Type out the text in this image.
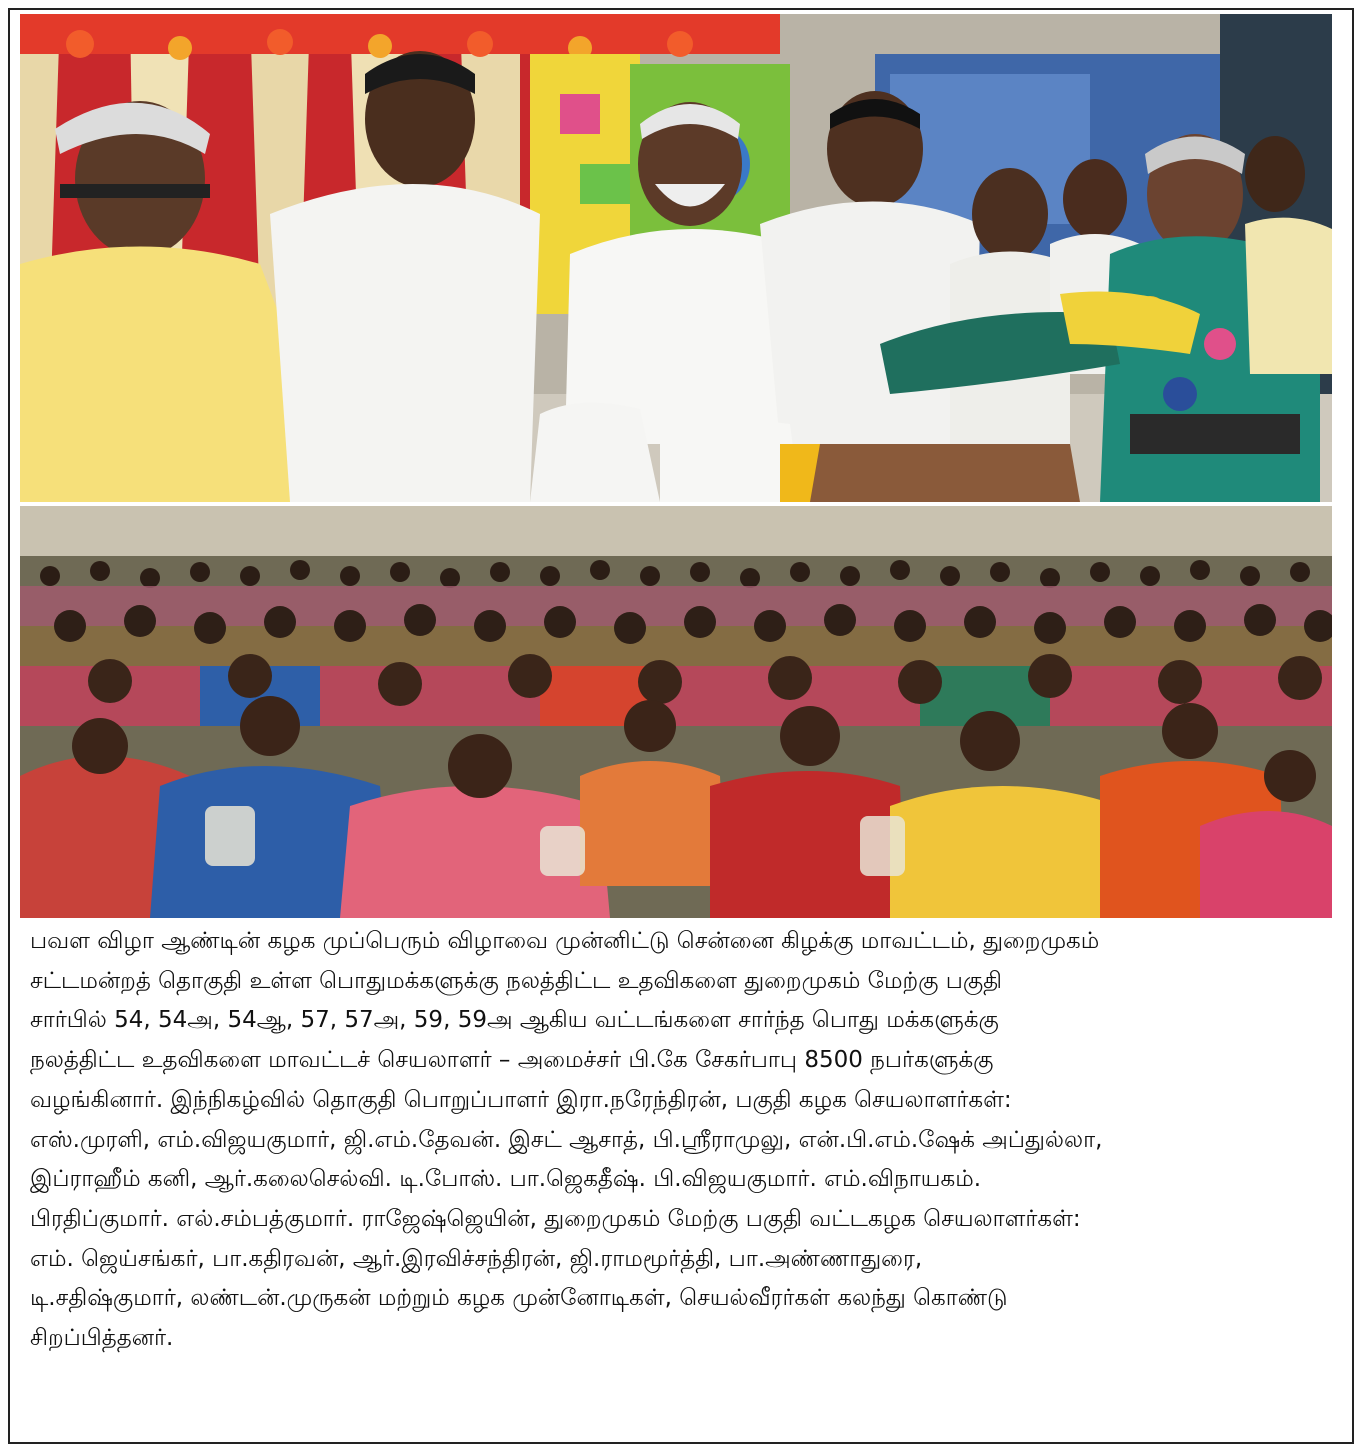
பவள விழா ஆண்டின் கழக முப்பெரும் விழாவை முன்னிட்டு சென்னை கிழக்கு மாவட்டம், துறைமுகம்
சட்டமன்றத் தொகுதி உள்ள பொதுமக்களுக்கு நலத்திட்ட உதவிகளை துறைமுகம் மேற்கு பகுதி
சார்பில் 54, 54அ, 54ஆ, 57, 57அ, 59, 59அ ஆகிய வட்டங்களை சார்ந்த பொது மக்களுக்கு
நலத்திட்ட உதவிகளை மாவட்டச் செயலாளர் – அமைச்சர் பி.கே சேகர்பாபு 8500 நபர்களுக்கு
வழங்கினார். இந்நிகழ்வில் தொகுதி பொறுப்பாளர் இரா.நரேந்திரன், பகுதி கழக செயலாளர்கள்:
எஸ்.முரளி, எம்.விஜயகுமார், ஜி.எம்.தேவன். இசட் ஆசாத், பி.ஸ்ரீராமுலு, என்.பி.எம்.ஷேக் அப்துல்லா,
இப்ராஹீம் கனி, ஆர்.கலைசெல்வி. டி.போஸ். பா.ஜெகதீஷ். பி.விஜயகுமார். எம்.விநாயகம்.
பிரதிப்குமார். எல்.சம்பத்குமார். ராஜேஷ்ஜெயின், துறைமுகம் மேற்கு பகுதி வட்டகழக செயலாளர்கள்:
எம். ஜெய்சங்கர், பா.கதிரவன், ஆர்.இரவிச்சந்திரன், ஜி.ராமமூர்த்தி, பா.அண்ணாதுரை,
டி.சதிஷ்குமார், லண்டன்.முருகன் மற்றும் கழக முன்னோடிகள், செயல்வீரர்கள் கலந்து கொண்டு
சிறப்பித்தனர்.
